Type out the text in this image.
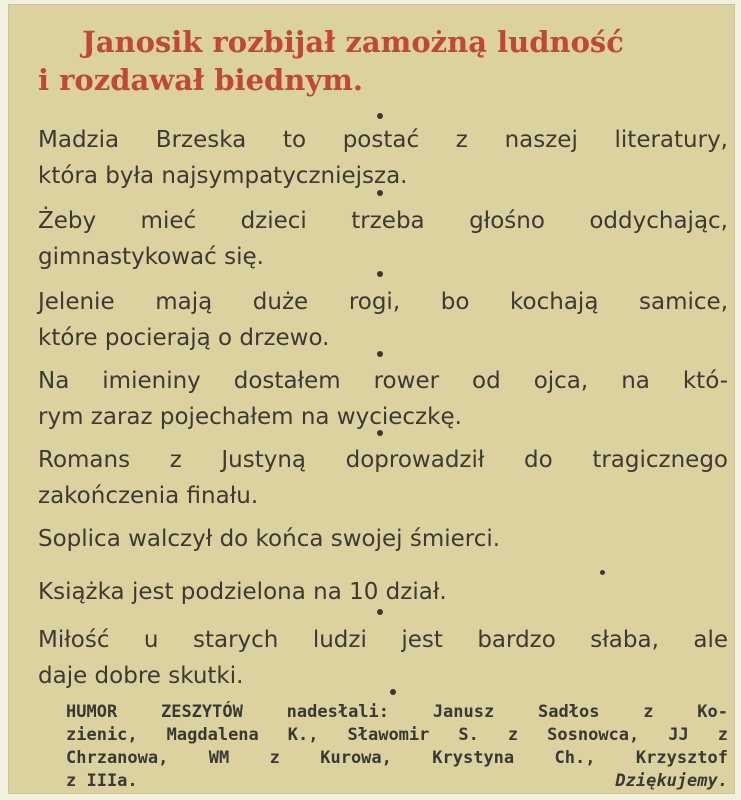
Janosik rozbijał zamożną ludność
i rozdawał biednym.

Madzia Brzeska to postać z naszej literatury,
która była najsympatyczniejsza.

Żeby mieć dzieci trzeba głośno oddychając,
gimnastykować się.

Jelenie mają duże rogi, bo kochają samice,
które pocierają o drzewo.

Na imieniny dostałem rower od ojca, na któ-
rym zaraz pojechałem na wycieczkę.

Romans z Justyną doprowadził do tragicznego
zakończenia finału.

Soplica walczył do końca swojej śmierci.

Książka jest podzielona na 10 dział.

Miłość u starych ludzi jest bardzo słaba, ale
daje dobre skutki.

HUMOR ZESZYTÓW nadesłali: Janusz Sadłos z Ko-
zienic, Magdalena K., Sławomir S. z Sosnowca, JJ z
Chrzanowa, WM z Kurowa, Krystyna Ch., Krzysztof
z IIIa.	Dziękujemy.
